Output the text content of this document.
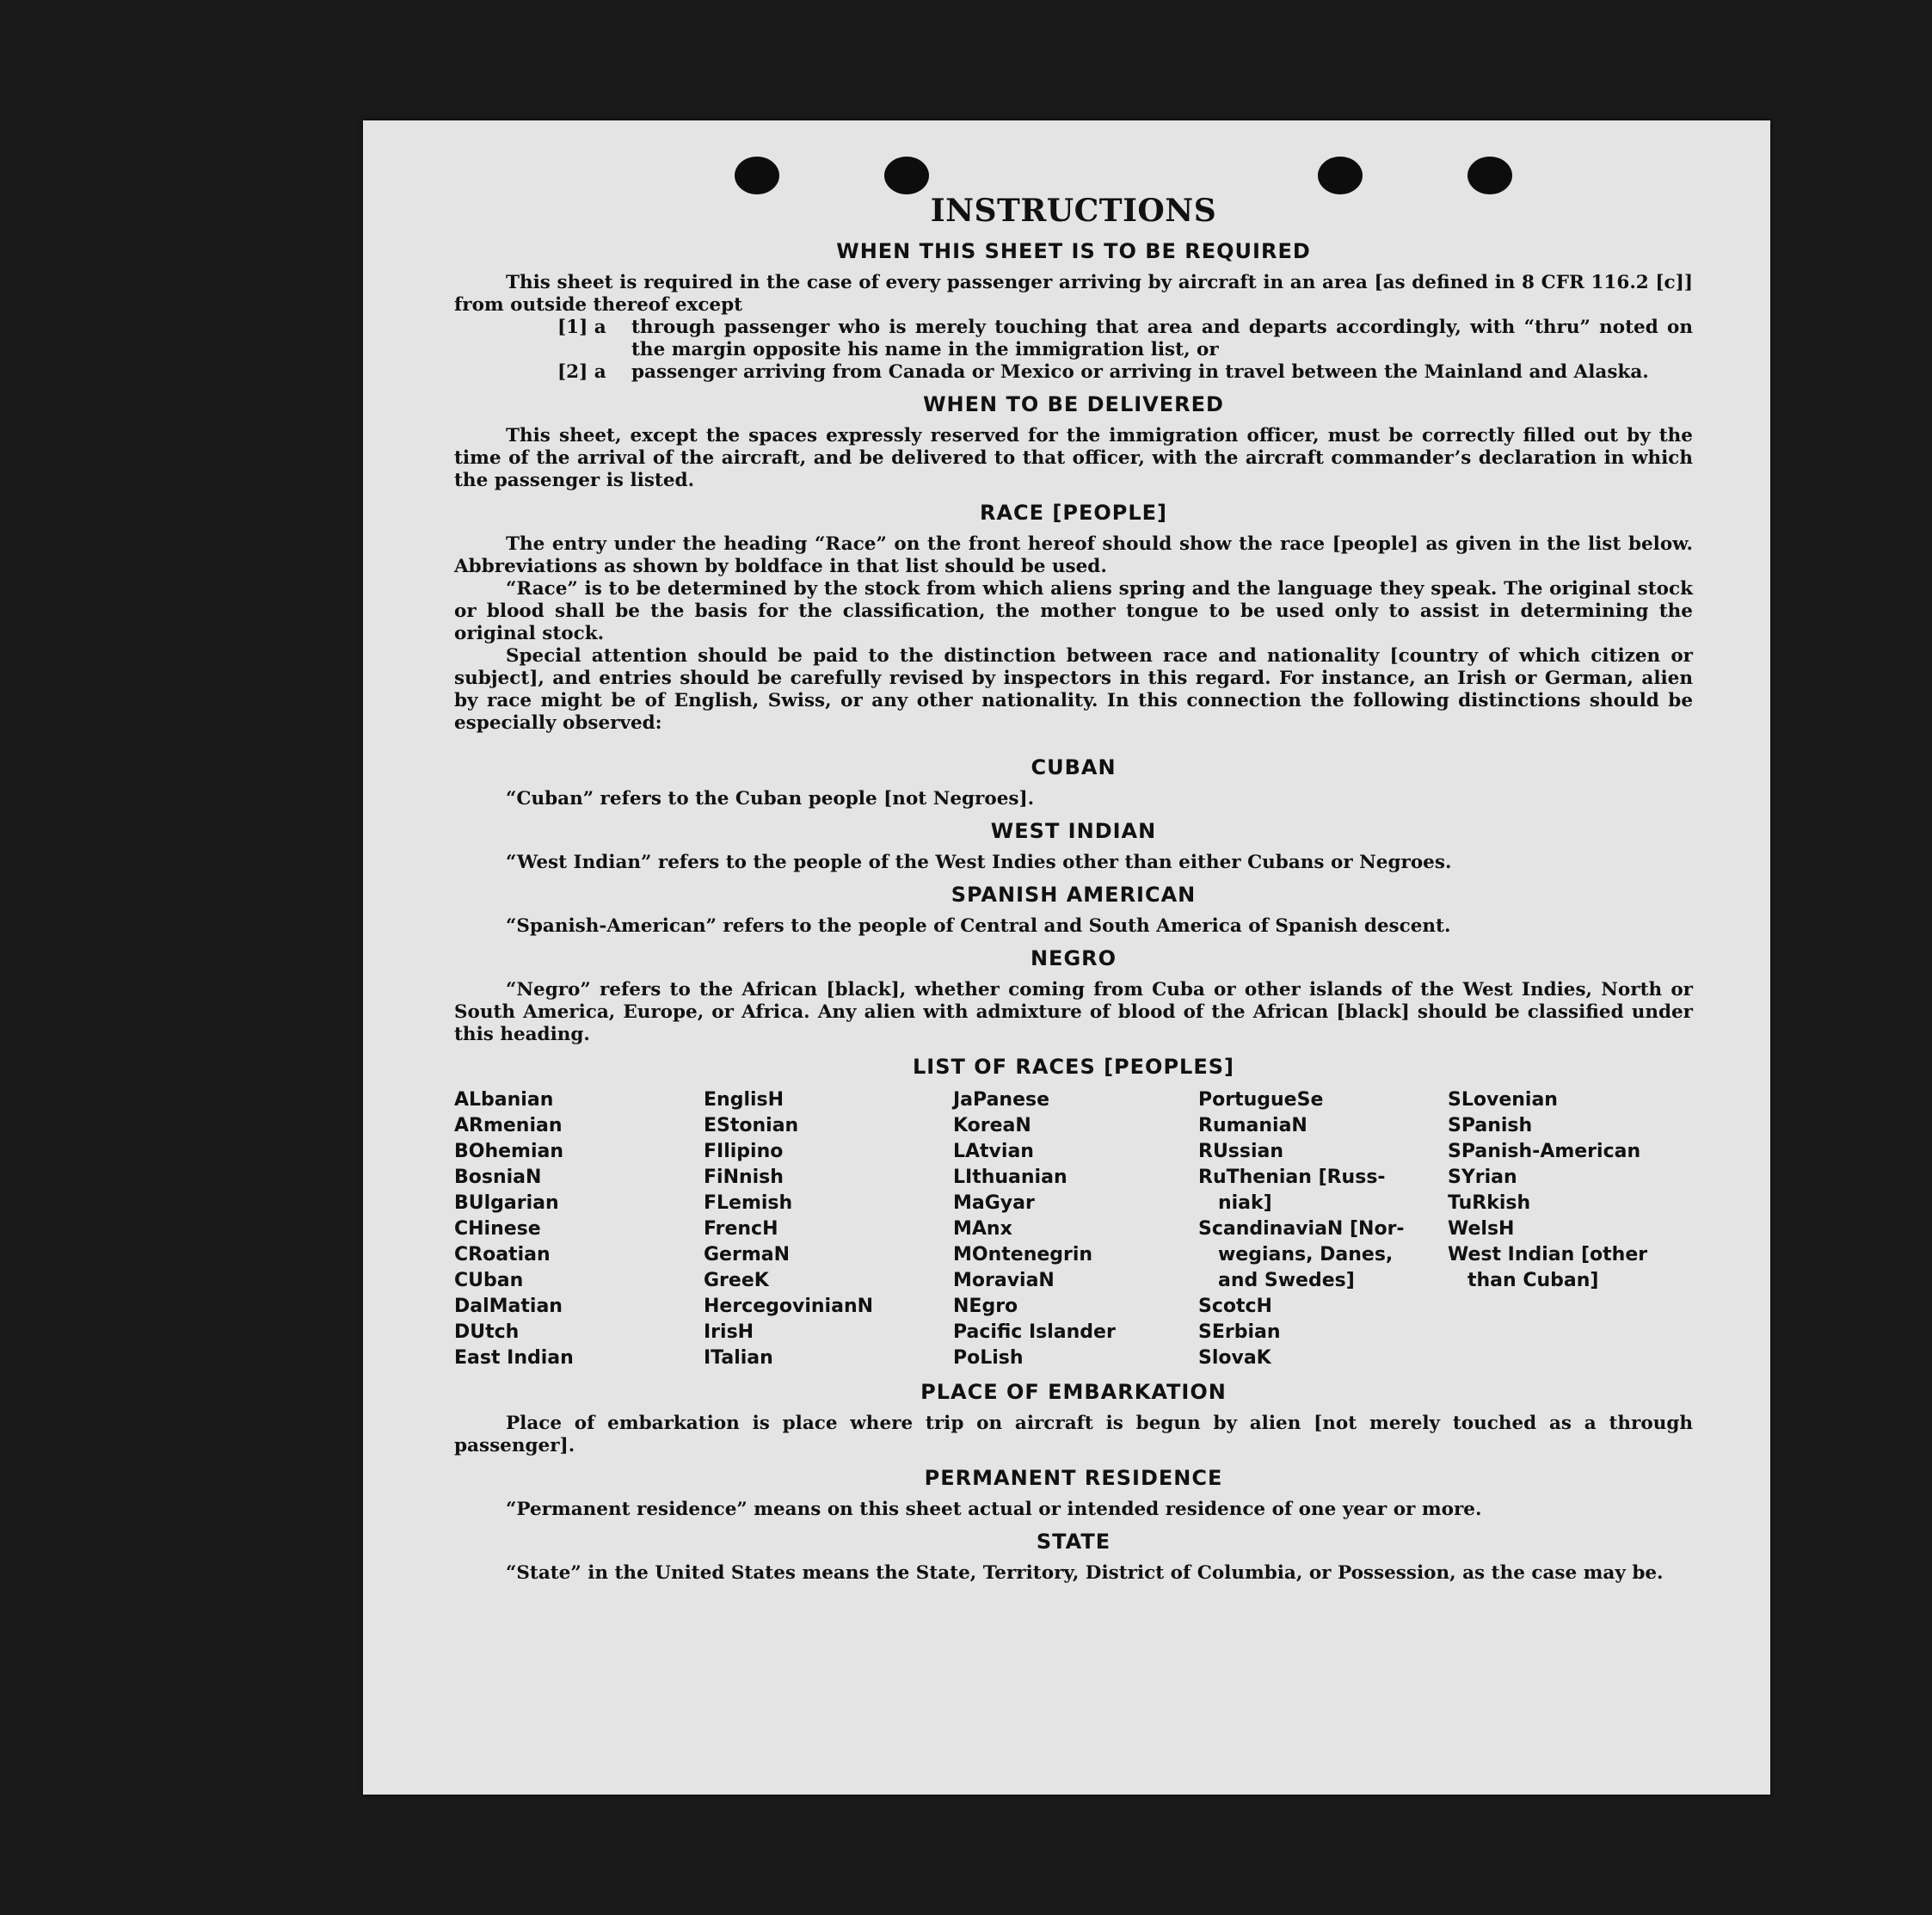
INSTRUCTIONS
WHEN THIS SHEET IS TO BE REQUIRED

This sheet is required in the case of every passenger arriving by aircraft in an area [as defined in 8 CFR 116.2 [c]] from outside thereof except

[1] a	through passenger who is merely touching that area and departs accordingly, with “thru” noted on the margin opposite his name in the immigration list, or
[2] a	passenger arriving from Canada or Mexico or arriving in travel between the Mainland and Alaska.
WHEN TO BE DELIVERED

This sheet, except the spaces expressly reserved for the immigration officer, must be correctly filled out by the time of the arrival of the aircraft, and be delivered to that officer, with the aircraft commander’s declaration in which the passenger is listed.

RACE [PEOPLE]

The entry under the heading “Race” on the front hereof should show the race [people] as given in the list below. Abbreviations as shown by boldface in that list should be used.

“Race” is to be determined by the stock from which aliens spring and the language they speak. The original stock or blood shall be the basis for the classification, the mother tongue to be used only to assist in determining the original stock.

Special attention should be paid to the distinction between race and nationality [country of which citizen or subject], and entries should be carefully revised by inspectors in this regard. For instance, an Irish or German, alien by race might be of English, Swiss, or any other nationality. In this connection the following distinctions should be especially observed:

CUBAN

“Cuban” refers to the Cuban people [not Negroes].

WEST INDIAN

“West Indian” refers to the people of the West Indies other than either Cubans or Negroes.

SPANISH AMERICAN

“Spanish-American” refers to the people of Central and South America of Spanish descent.

NEGRO

“Negro” refers to the African [black], whether coming from Cuba or other islands of the West Indies, North or South America, Europe, or Africa. Any alien with admixture of blood of the African [black] should be classified under this heading.

LIST OF RACES [PEOPLES]
ALbanian
ARmenian
BOhemian
BosniaN
BUlgarian
CHinese
CRoatian
CUban
DalMatian
DUtch
East Indian
EnglisH
EStonian
FIlipino
FiNnish
FLemish
FrencH
GermaN
GreeK
HercegovinianN
IrisH
ITalian
JaPanese
KoreaN
LAtvian
LIthuanian
MaGyar
MAnx
MOntenegrin
MoraviaN
NEgro
Pacific Islander
PoLish
PortugueSe
RumaniaN
RUssian
RuThenian [Russ-
niak]
ScandinaviaN [Nor-
wegians, Danes,
and Swedes]
ScotcH
SErbian
SlovaK
SLovenian
SPanish
SPanish-American
SYrian
TuRkish
WelsH
West Indian [other
than Cuban]
PLACE OF EMBARKATION

Place of embarkation is place where trip on aircraft is begun by alien [not merely touched as a through passenger].

PERMANENT RESIDENCE

“Permanent residence” means on this sheet actual or intended residence of one year or more.

STATE

“State” in the United States means the State, Territory, District of Columbia, or Possession, as the case may be.
